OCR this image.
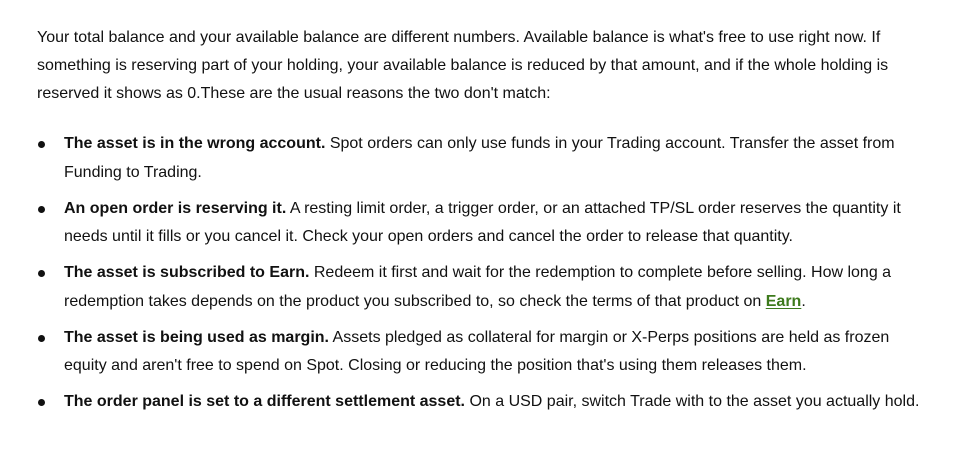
Your total balance and your available balance are different numbers. Available balance is what's free to use right now. If something is reserving part of your holding, your available balance is reduced by that amount, and if the whole holding is reserved it shows as 0.These are the usual reasons the two don't match:

The asset is in the wrong account. Spot orders can only use funds in your Trading account. Transfer the asset from Funding to Trading.
An open order is reserving it. A resting limit order, a trigger order, or an attached TP/SL order reserves the quantity it needs until it fills or you cancel it. Check your open orders and cancel the order to release that quantity.
The asset is subscribed to Earn. Redeem it first and wait for the redemption to complete before selling. How long a redemption takes depends on the product you subscribed to, so check the terms of that product on Earn.
The asset is being used as margin. Assets pledged as collateral for margin or X-Perps positions are held as frozen equity and aren't free to spend on Spot. Closing or reducing the position that's using them releases them.
The order panel is set to a different settlement asset. On a USD pair, switch Trade with to the asset you actually hold.
